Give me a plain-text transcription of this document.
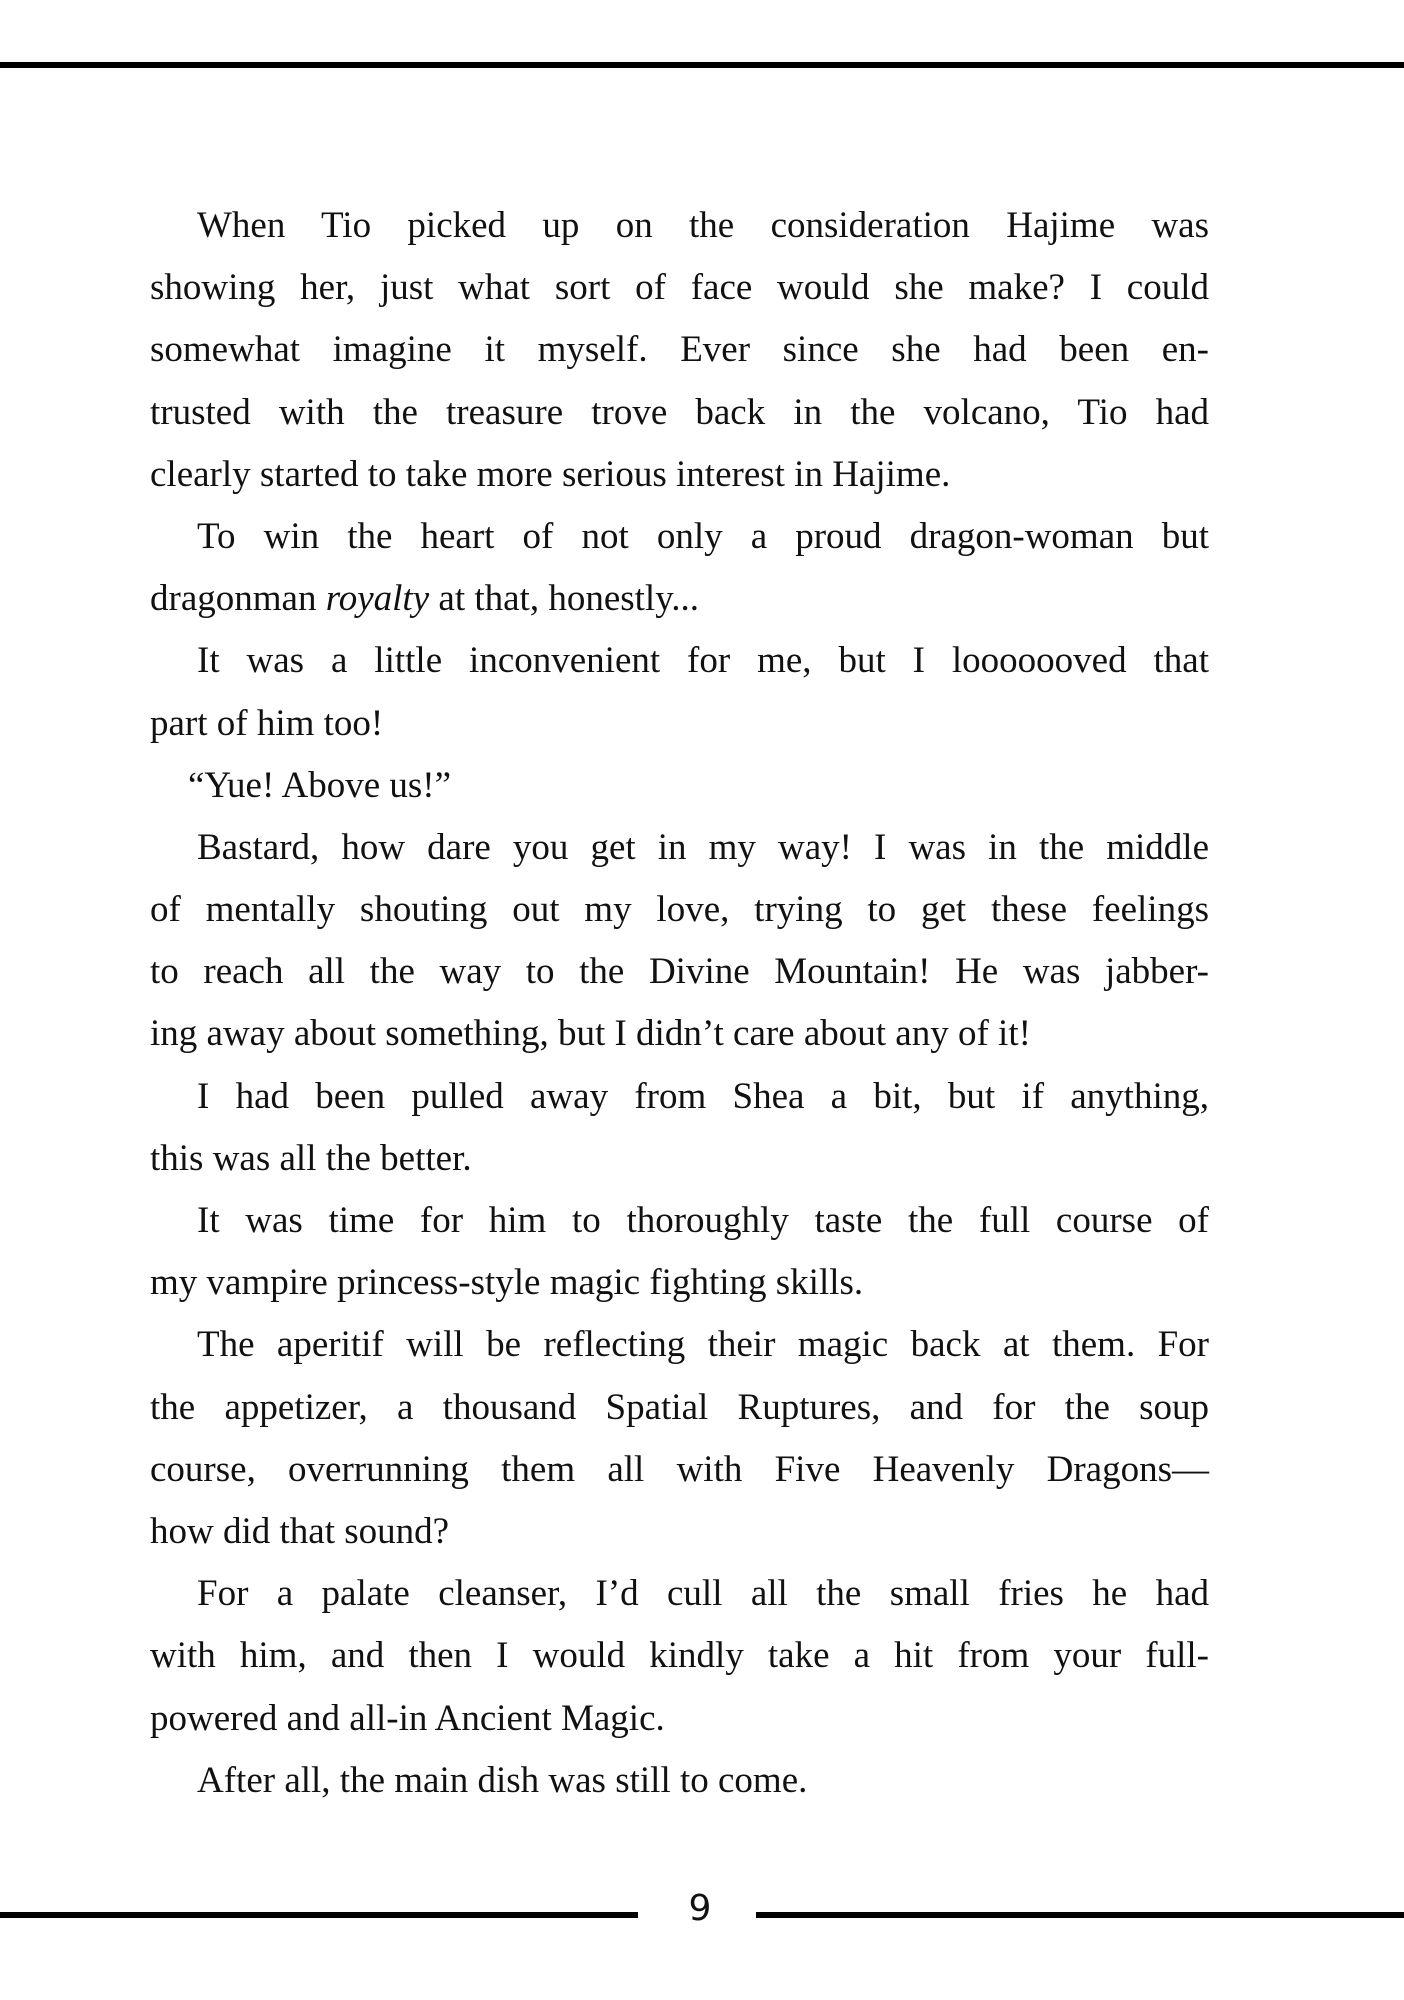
When Tio picked up on the consideration Hajime was
showing her, just what sort of face would she make? I could
somewhat imagine it myself. Ever since she had been en-
trusted with the treasure trove back in the volcano, Tio had
clearly started to take more serious interest in Hajime.
To win the heart of not only a proud dragon-woman but
dragonman royalty at that, honestly...
It was a little inconvenient for me, but I looooooved that
part of him too!
“Yue! Above us!”
Bastard, how dare you get in my way! I was in the middle
of mentally shouting out my love, trying to get these feelings
to reach all the way to the Divine Mountain! He was jabber-
ing away about something, but I didn’t care about any of it!
I had been pulled away from Shea a bit, but if anything,
this was all the better.
It was time for him to thoroughly taste the full course of
my vampire princess-style magic fighting skills.
The aperitif will be reflecting their magic back at them. For
the appetizer, a thousand Spatial Ruptures, and for the soup
course, overrunning them all with Five Heavenly Dragons—
how did that sound?
For a palate cleanser, I’d cull all the small fries he had
with him, and then I would kindly take a hit from your full-
powered and all-in Ancient Magic.
After all, the main dish was still to come.
9
